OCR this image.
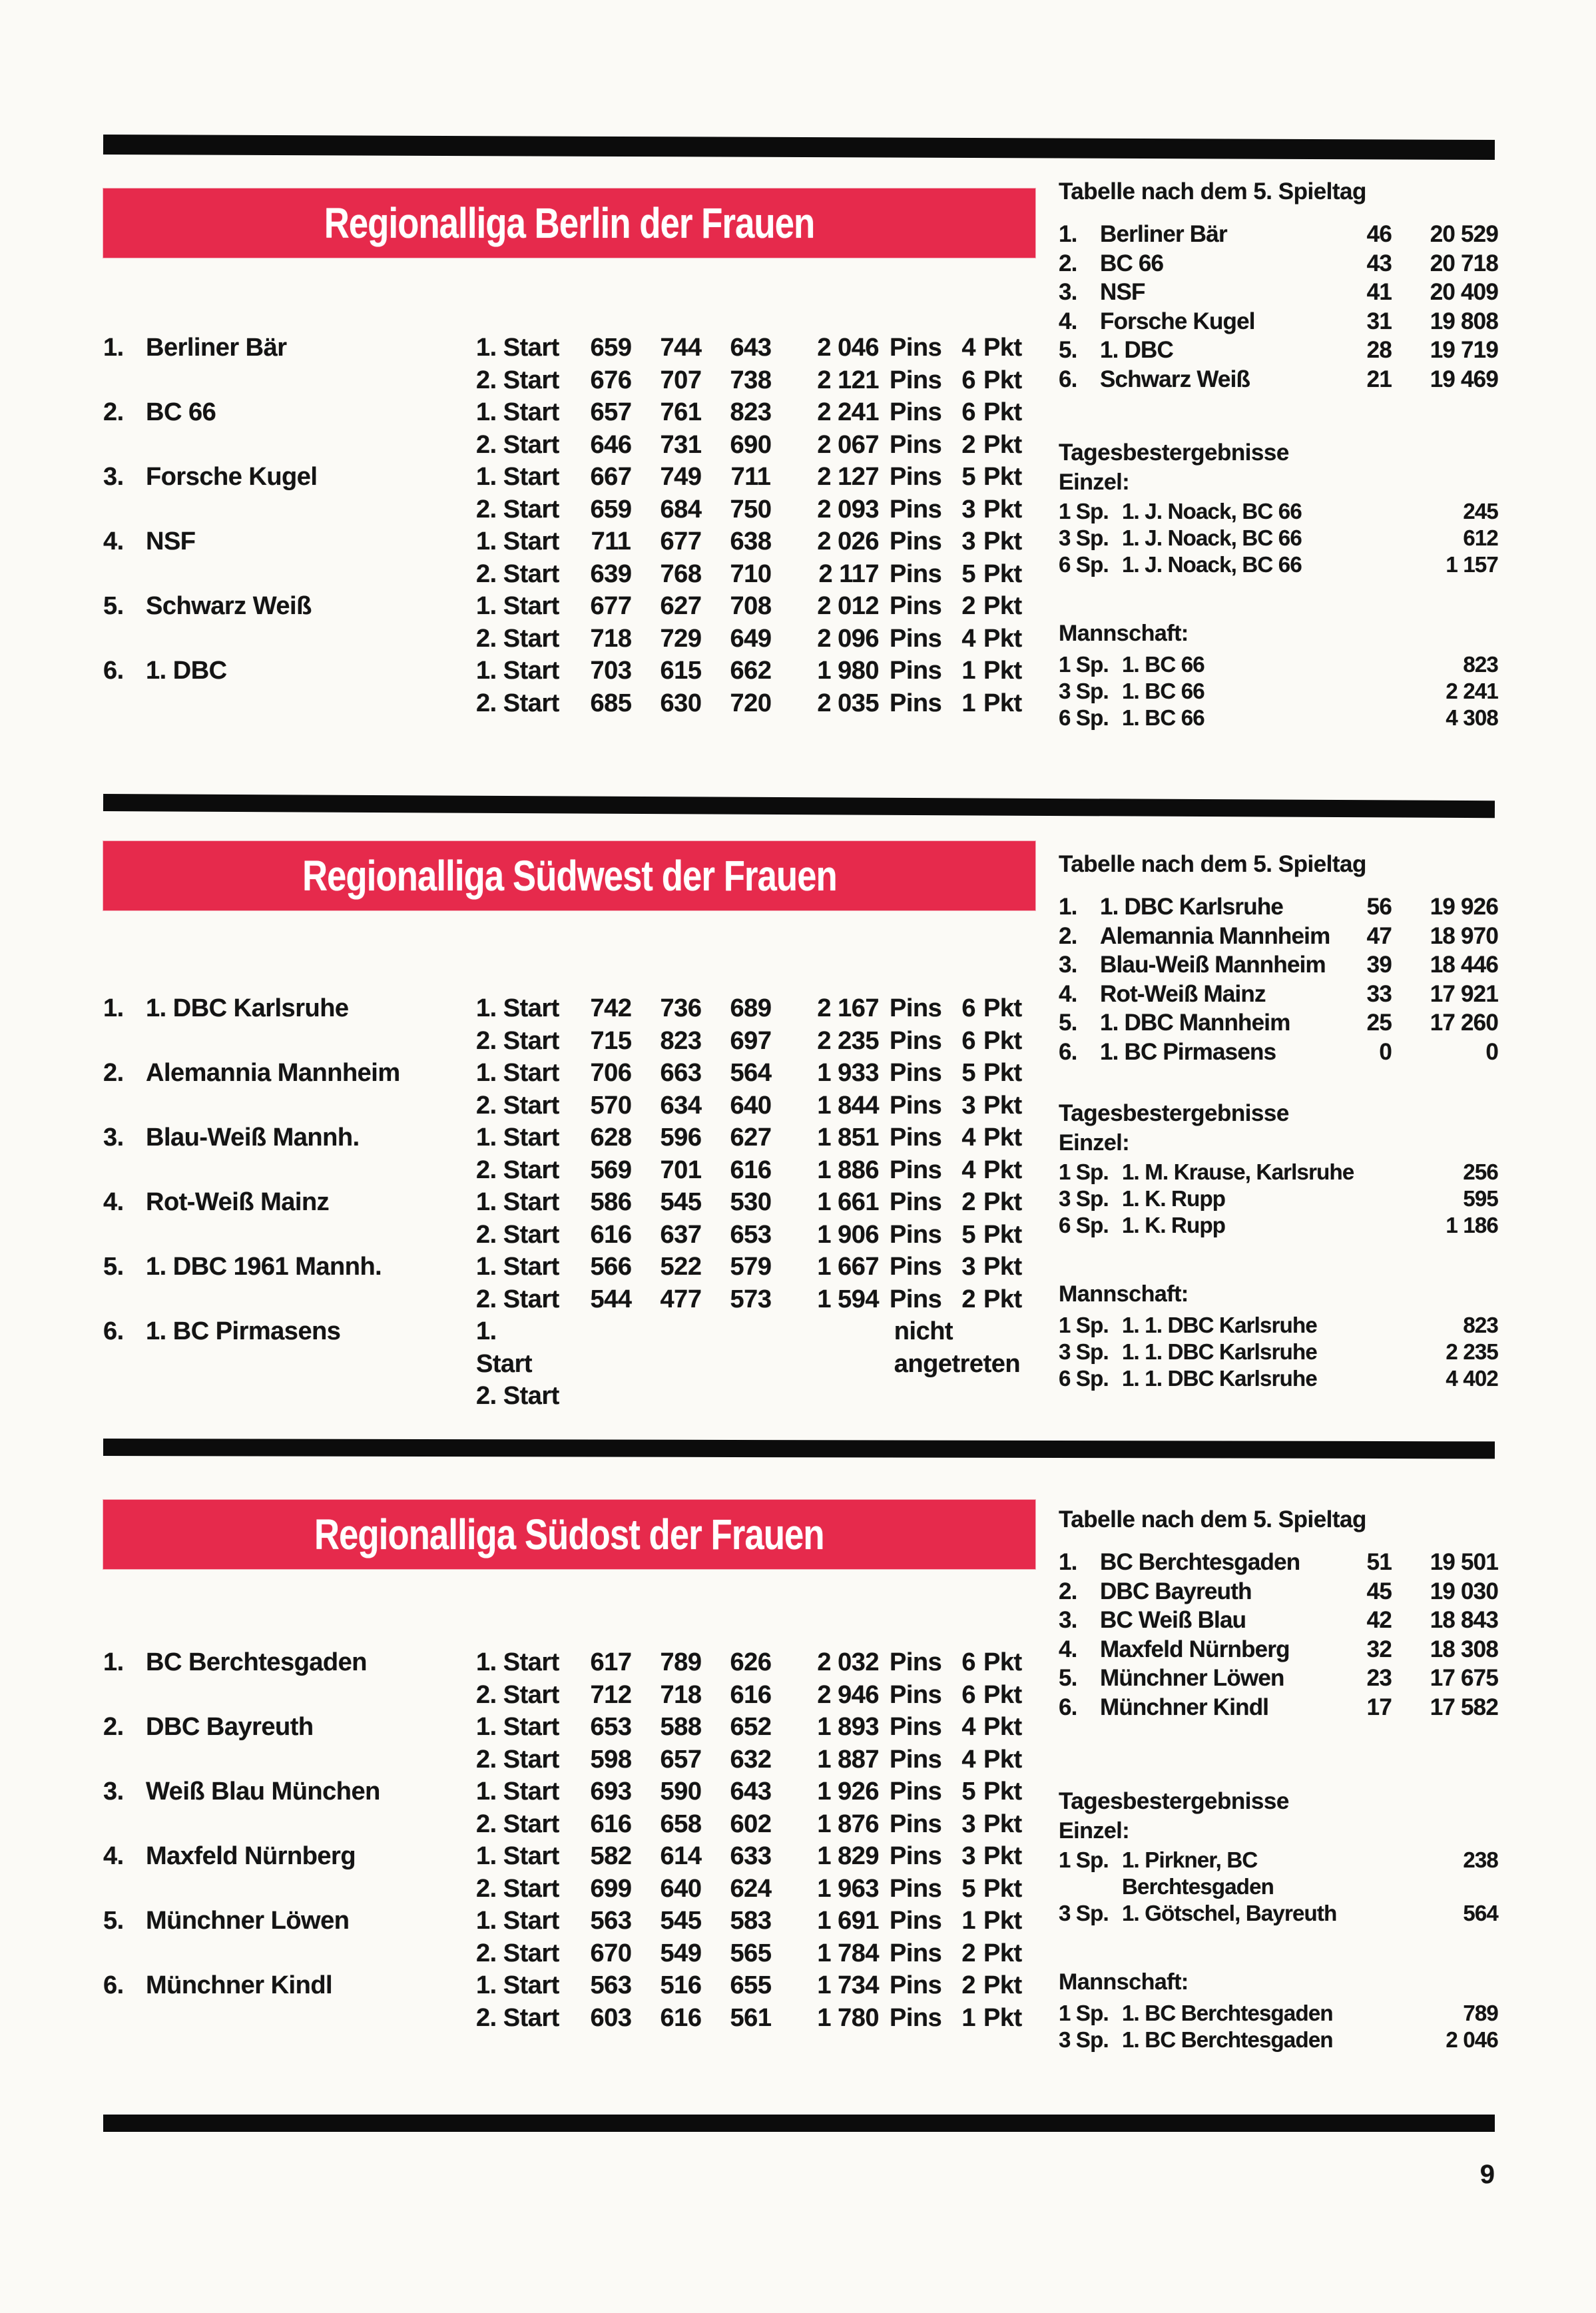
Regionalliga Berlin der Frauen
1. Berliner Bär	1. Start	659	744	643	2 046 Pins 4 Pkt
2. Start	676	707	738	2 121 Pins 6 Pkt
2. BC 66	1. Start	657	761	823	2 241 Pins 6 Pkt
2. Start	646	731	690	2 067 Pins 2 Pkt
3. Forsche Kugel	1. Start	667	749	711	2 127 Pins 5 Pkt
2. Start	659	684	750	2 093 Pins 3 Pkt
4. NSF	1. Start	711	677	638	2 026 Pins 3 Pkt
2. Start	639	768	710	2 117 Pins 5 Pkt
5. Schwarz Weiß	1. Start	677	627	708	2 012 Pins 2 Pkt
2. Start	718	729	649	2 096 Pins 4 Pkt
6. 1. DBC	1. Start	703	615	662	1 980 Pins 1 Pkt
2. Start	685	630	720	2 035 Pins 1 Pkt
Tabelle nach dem 5. Spieltag
1. Berliner Bär	46	20 529
2. BC 66	43	20 718
3. NSF	41	20 409
4. Forsche Kugel	31	19 808
5. 1. DBC	28	19 719
6. Schwarz Weiß	21	19 469
Tagesbestergebnisse
Einzel:
1 Sp. 1. J. Noack, BC 66	245
3 Sp. 1. J. Noack, BC 66	612
6 Sp. 1. J. Noack, BC 66	1 157
Mannschaft:
1 Sp. 1. BC 66	823
3 Sp. 1. BC 66	2 241
6 Sp. 1. BC 66	4 308
Regionalliga Südwest der Frauen
1. 1. DBC Karlsruhe	1. Start	742	736	689	2 167 Pins 6 Pkt
2. Start	715	823	697	2 235 Pins 6 Pkt
2. Alemannia Mannheim	1. Start	706	663	564	1 933 Pins 5 Pkt
2. Start	570	634	640	1 844 Pins 3 Pkt
3. Blau-Weiß Mannh.	1. Start	628	596	627	1 851 Pins 4 Pkt
2. Start	569	701	616	1 886 Pins 4 Pkt
4. Rot-Weiß Mainz	1. Start	586	545	530	1 661 Pins 2 Pkt
2. Start	616	637	653	1 906 Pins 5 Pkt
5. 1. DBC 1961 Mannh.	1. Start	566	522	579	1 667 Pins 3 Pkt
2. Start	544	477	573	1 594 Pins 2 Pkt
6. 1. BC Pirmasens	1. Start
nicht angetreten
2. Start
Tabelle nach dem 5. Spieltag
1. 1. DBC Karlsruhe	56	19 926
2. Alemannia Mannheim	47	18 970
3. Blau-Weiß Mannheim	39	18 446
4. Rot-Weiß Mainz	33	17 921
5. 1. DBC Mannheim	25	17 260
6. 1. BC Pirmasens	0	0
Tagesbestergebnisse
Einzel:
1 Sp. 1. M. Krause, Karlsruhe	256
3 Sp. 1. K. Rupp	595
6 Sp. 1. K. Rupp	1 186
Mannschaft:
1 Sp. 1. 1. DBC Karlsruhe	823
3 Sp. 1. 1. DBC Karlsruhe	2 235
6 Sp. 1. 1. DBC Karlsruhe	4 402
Regionalliga Südost der Frauen
1. BC Berchtesgaden	1. Start	617	789	626	2 032 Pins 6 Pkt
2. Start	712	718	616	2 946 Pins 6 Pkt
2. DBC Bayreuth	1. Start	653	588	652	1 893 Pins 4 Pkt
2. Start	598	657	632	1 887 Pins 4 Pkt
3. Weiß Blau München	1. Start	693	590	643	1 926 Pins 5 Pkt
2. Start	616	658	602	1 876 Pins 3 Pkt
4. Maxfeld Nürnberg	1. Start	582	614	633	1 829 Pins 3 Pkt
2. Start	699	640	624	1 963 Pins 5 Pkt
5. Münchner Löwen	1. Start	563	545	583	1 691 Pins 1 Pkt
2. Start	670	549	565	1 784 Pins 2 Pkt
6. Münchner Kindl	1. Start	563	516	655	1 734 Pins 2 Pkt
2. Start	603	616	561	1 780 Pins 1 Pkt
Tabelle nach dem 5. Spieltag
1. BC Berchtesgaden	51	19 501
2. DBC Bayreuth	45	19 030
3. BC Weiß Blau	42	18 843
4. Maxfeld Nürnberg	32	18 308
5. Münchner Löwen	23	17 675
6. Münchner Kindl	17	17 582
Tagesbestergebnisse
Einzel:
1 Sp. 1. Pirkner, BC Berchtesgaden
238
3 Sp. 1. Götschel, Bayreuth	564
Mannschaft:
1 Sp. 1. BC Berchtesgaden	789
3 Sp. 1. BC Berchtesgaden	2 046
9
